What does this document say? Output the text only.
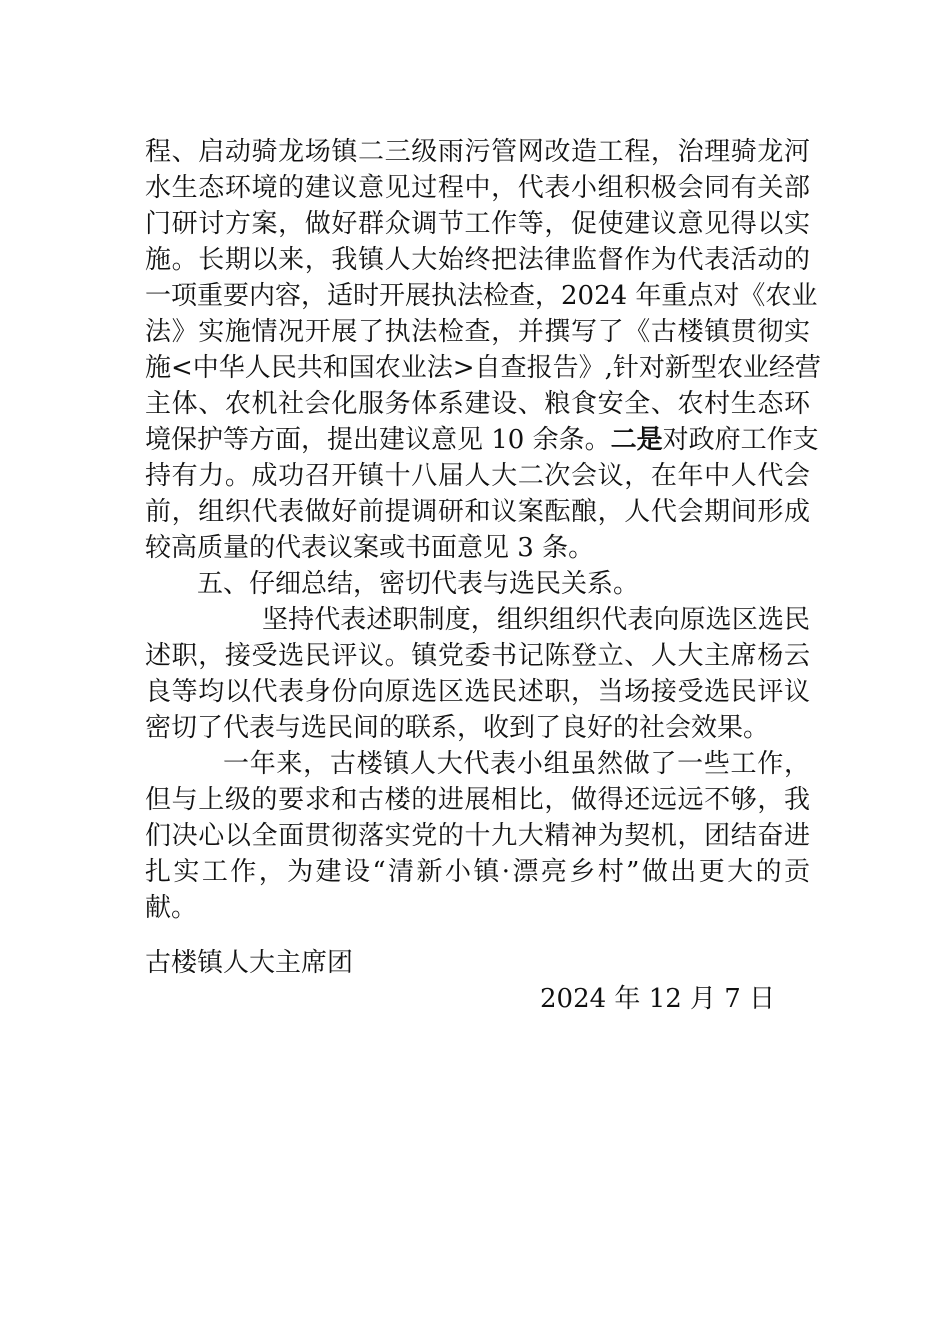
程、启动骑龙场镇二三级雨污管网改造工程，治理骑龙河
水生态环境的建议意见过程中，代表小组积极会同有关部
门研讨方案，做好群众调节工作等，促使建议意见得以实
施。长期以来，我镇人大始终把法律监督作为代表活动的
一项重要内容，适时开展执法检查，2024 年重点对《农业
法》实施情况开展了执法检查，并撰写了《古楼镇贯彻实
施<中华人民共和国农业法>自查报告》,针对新型农业经营
主体、农机社会化服务体系建设、粮食安全、农村生态环
境保护等方面，提出建议意见 10 余条。二是对政府工作支
持有力。成功召开镇十八届人大二次会议，在年中人代会
前，组织代表做好前提调研和议案酝酿，人代会期间形成
较高质量的代表议案或书面意见 3 条。
五、仔细总结，密切代表与选民关系。
坚持代表述职制度，组织组织代表向原选区选民
述职，接受选民评议。镇党委书记陈登立、人大主席杨云
良等均以代表身份向原选区选民述职，当场接受选民评议
密切了代表与选民间的联系，收到了良好的社会效果。
一年来，古楼镇人大代表小组虽然做了一些工作，
但与上级的要求和古楼的进展相比，做得还远远不够，我
们决心以全面贯彻落实党的十九大精神为契机，团结奋进
扎实工作，为建设“清新小镇·漂亮乡村”做出更大的贡
献。
古楼镇人大主席团
2024 年 12 月 7 日
